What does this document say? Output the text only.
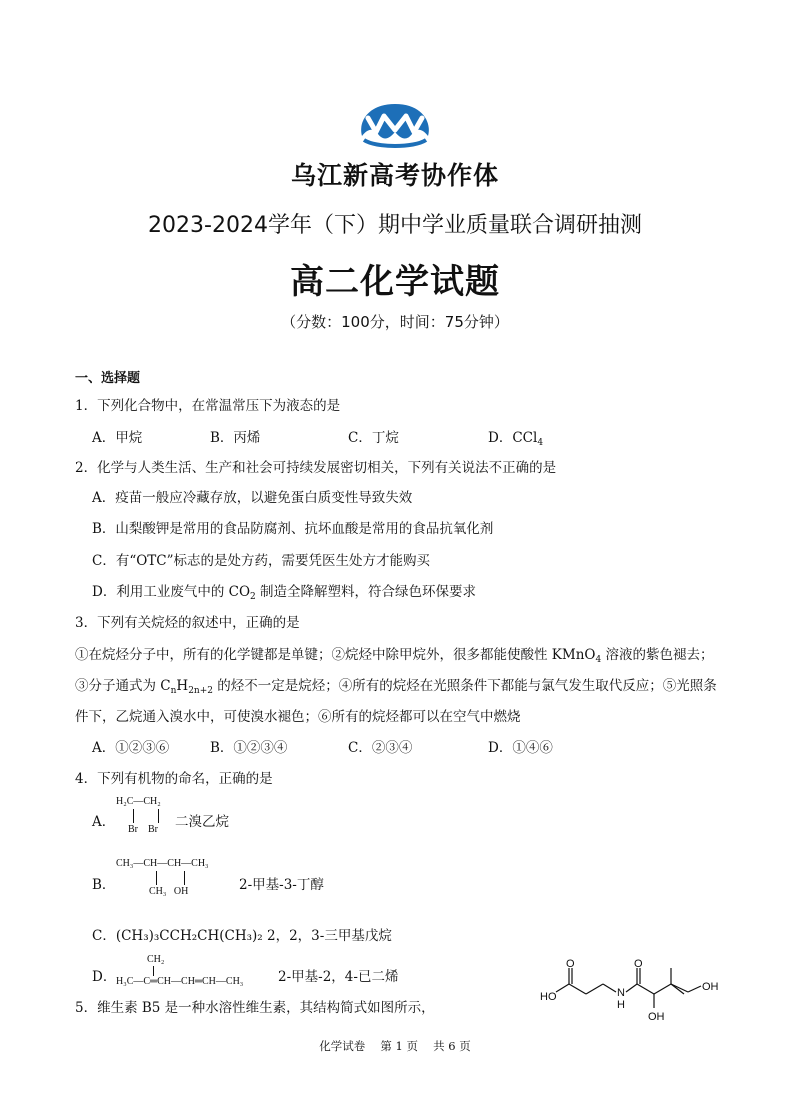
乌江新高考协作体
2023-2024学年（下）期中学业质量联合调研抽测
高二化学试题
（分数：100分，时间：75分钟）
一、选择题
1．下列化合物中，在常温常压下为液态的是
A．甲烷	B．丙烯	C．丁烷	D．CCl$_4$
2．化学与人类生活、生产和社会可持续发展密切相关，下列有关说法不正确的是
A．疫苗一般应冷藏存放，以避免蛋白质变性导致失效
B．山梨酸钾是常用的食品防腐剂、抗坏血酸是常用的食品抗氧化剂
C．有“OTC”标志的是处方药，需要凭医生处方才能购买
D．利用工业废气中的 $CO_2$ 制造全降解塑料，符合绿色环保要求
3．下列有关烷烃的叙述中，正确的是
①在烷烃分子中，所有的化学键都是单键；②烷烃中除甲烷外，很多都能使酸性 KMnO$_4$ 溶液的紫色褪去；
③分子通式为 $C_nH_{2n+2}$ 的烃不一定是烷烃；④所有的烷烃在光照条件下都能与氯气发生取代反应；⑤光照条
件下，乙烷通入溴水中，可使溴水褪色；⑥所有的烷烃都可以在空气中燃烧
A．①②③⑥	B．①②③④	C．②③④	D．①④⑥
4．下列有机物的命名，正确的是
A．
H₂C—CH₂
Br    Br 二溴乙烷
B．
CH₃—CH—CH—CH₃
CH₃   OH	2-甲基-3-丁醇
C．(CH₃)₃CCH₂CH(CH₃)₂ 2，2，3-三甲基戊烷
D．
CH₂
H₃C—C═CH—CH═CH—CH₃	2-甲基-2，4-已二烯
5．维生素 B5 是一种水溶性维生素，其结构简式如图所示，
HO
O	O
N
H
OH
OH
化学试卷　 第 1 页　 共 6 页
